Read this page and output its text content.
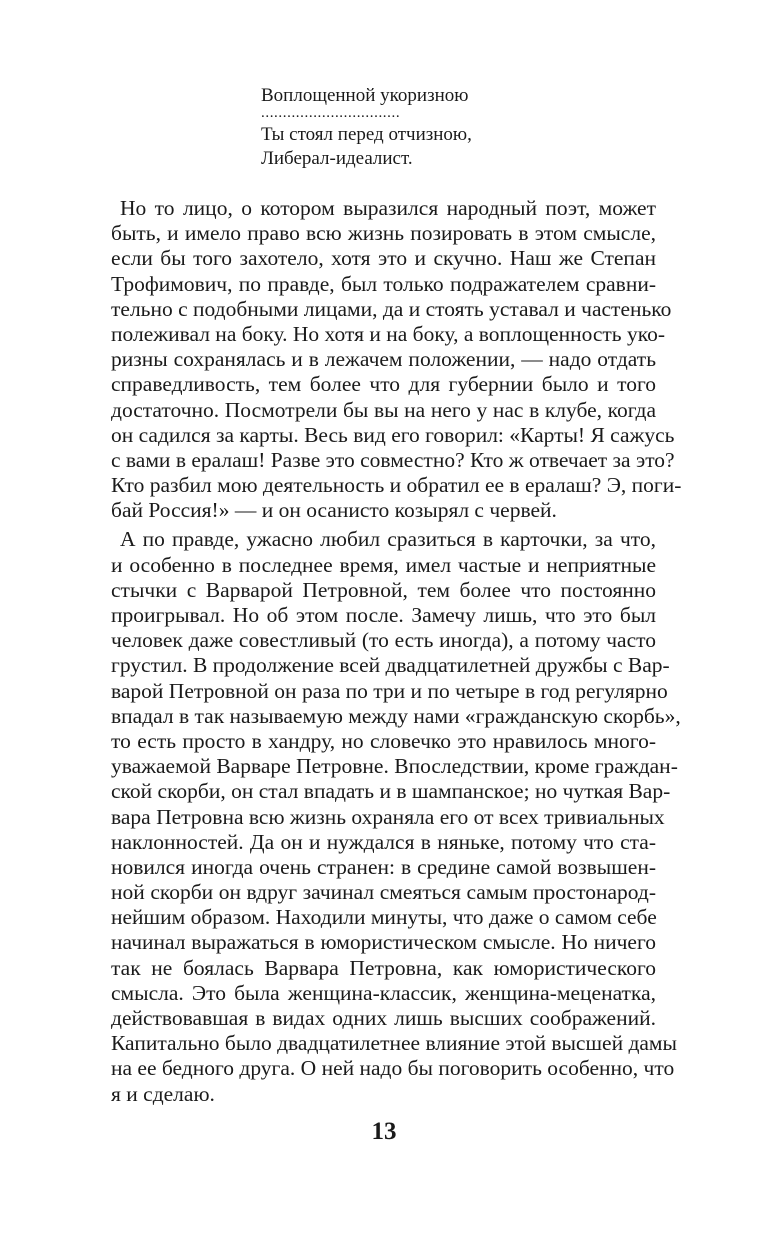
Воплощенной укоризною
................................
Ты стоял перед отчизною,
Либерал-идеалист.
Но то лицо, о котором выразился народный поэт, может
быть, и имело право всю жизнь позировать в этом смысле,
если бы того захотело, хотя это и скучно. Наш же Степан
Трофимович, по правде, был только подражателем сравни-
тельно с подобными лицами, да и стоять уставал и частенько
полеживал на боку. Но хотя и на боку, а воплощенность уко-
ризны сохранялась и в лежачем положении, — надо отдать
справедливость, тем более что для губернии было и того
достаточно. Посмотрели бы вы на него у нас в клубе, когда
он садился за карты. Весь вид его говорил: «Карты! Я сажусь
с вами в ералаш! Разве это совместно? Кто ж отвечает за это?
Кто разбил мою деятельность и обратил ее в ералаш? Э, поги-
бай Россия!» — и он осанисто козырял с червей.
А по правде, ужасно любил сразиться в карточки, за что,
и особенно в последнее время, имел частые и неприятные
стычки с Варварой Петровной, тем более что постоянно
проигрывал. Но об этом после. Замечу лишь, что это был
человек даже совестливый (то есть иногда), а потому часто
грустил. В продолжение всей двадцатилетней дружбы с Вар-
варой Петровной он раза по три и по четыре в год регулярно
впадал в так называемую между нами «гражданскую скорбь»,
то есть просто в хандру, но словечко это нравилось много-
уважаемой Варваре Петровне. Впоследствии, кроме граждан-
ской скорби, он стал впадать и в шампанское; но чуткая Вар-
вара Петровна всю жизнь охраняла его от всех тривиальных
наклонностей. Да он и нуждался в няньке, потому что ста-
новился иногда очень странен: в средине самой возвышен-
ной скорби он вдруг зачинал смеяться самым простонарод-
нейшим образом. Находили минуты, что даже о самом себе
начинал выражаться в юмористическом смысле. Но ничего
так не боялась Варвара Петровна, как юмористического
смысла. Это была женщина-классик, женщина-меценатка,
действовавшая в видах одних лишь высших соображений.
Капитально было двадцатилетнее влияние этой высшей дамы
на ее бедного друга. О ней надо бы поговорить особенно, что
я и сделаю.
13
